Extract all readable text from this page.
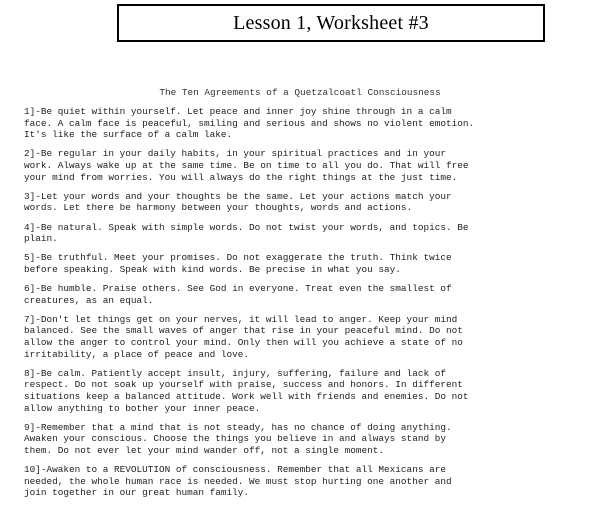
Lesson 1, Worksheet #3
The Ten Agreements of a Quetzalcoatl Consciousness
1]-Be quiet within yourself. Let peace and inner joy shine through in a calm
face. A calm face is peaceful, smiling and serious and shows no violent emotion.
It's like the surface of a calm lake.
2]-Be regular in your daily habits, in your spiritual practices and in your
work. Always wake up at the same time. Be on time to all you do. That will free
your mind from worries. You will always do the right things at the just time.
3]-Let your words and your thoughts be the same. Let your actions match your
words. Let there be harmony between your thoughts, words and actions.
4]-Be natural. Speak with simple words. Do not twist your words, and topics. Be
plain.
5]-Be truthful. Meet your promises. Do not exaggerate the truth. Think twice
before speaking. Speak with kind words. Be precise in what you say.
6]-Be humble. Praise others. See God in everyone. Treat even the smallest of
creatures, as an equal.
7]-Don't let things get on your nerves, it will lead to anger. Keep your mind
balanced. See the small waves of anger that rise in your peaceful mind. Do not
allow the anger to control your mind. Only then will you achieve a state of no
irritability, a place of peace and love.
8]-Be calm. Patiently accept insult, injury, suffering, failure and lack of
respect. Do not soak up yourself with praise, success and honors. In different
situations keep a balanced attitude. Work well with friends and enemies. Do not
allow anything to bother your inner peace.
9]-Remember that a mind that is not steady, has no chance of doing anything.
Awaken your conscious. Choose the things you believe in and always stand by
them. Do not ever let your mind wander off, not a single moment.
10]-Awaken to a REVOLUTION of consciousness. Remember that all Mexicans are
needed, the whole human race is needed. We must stop hurting one another and
join together in our great human family.
